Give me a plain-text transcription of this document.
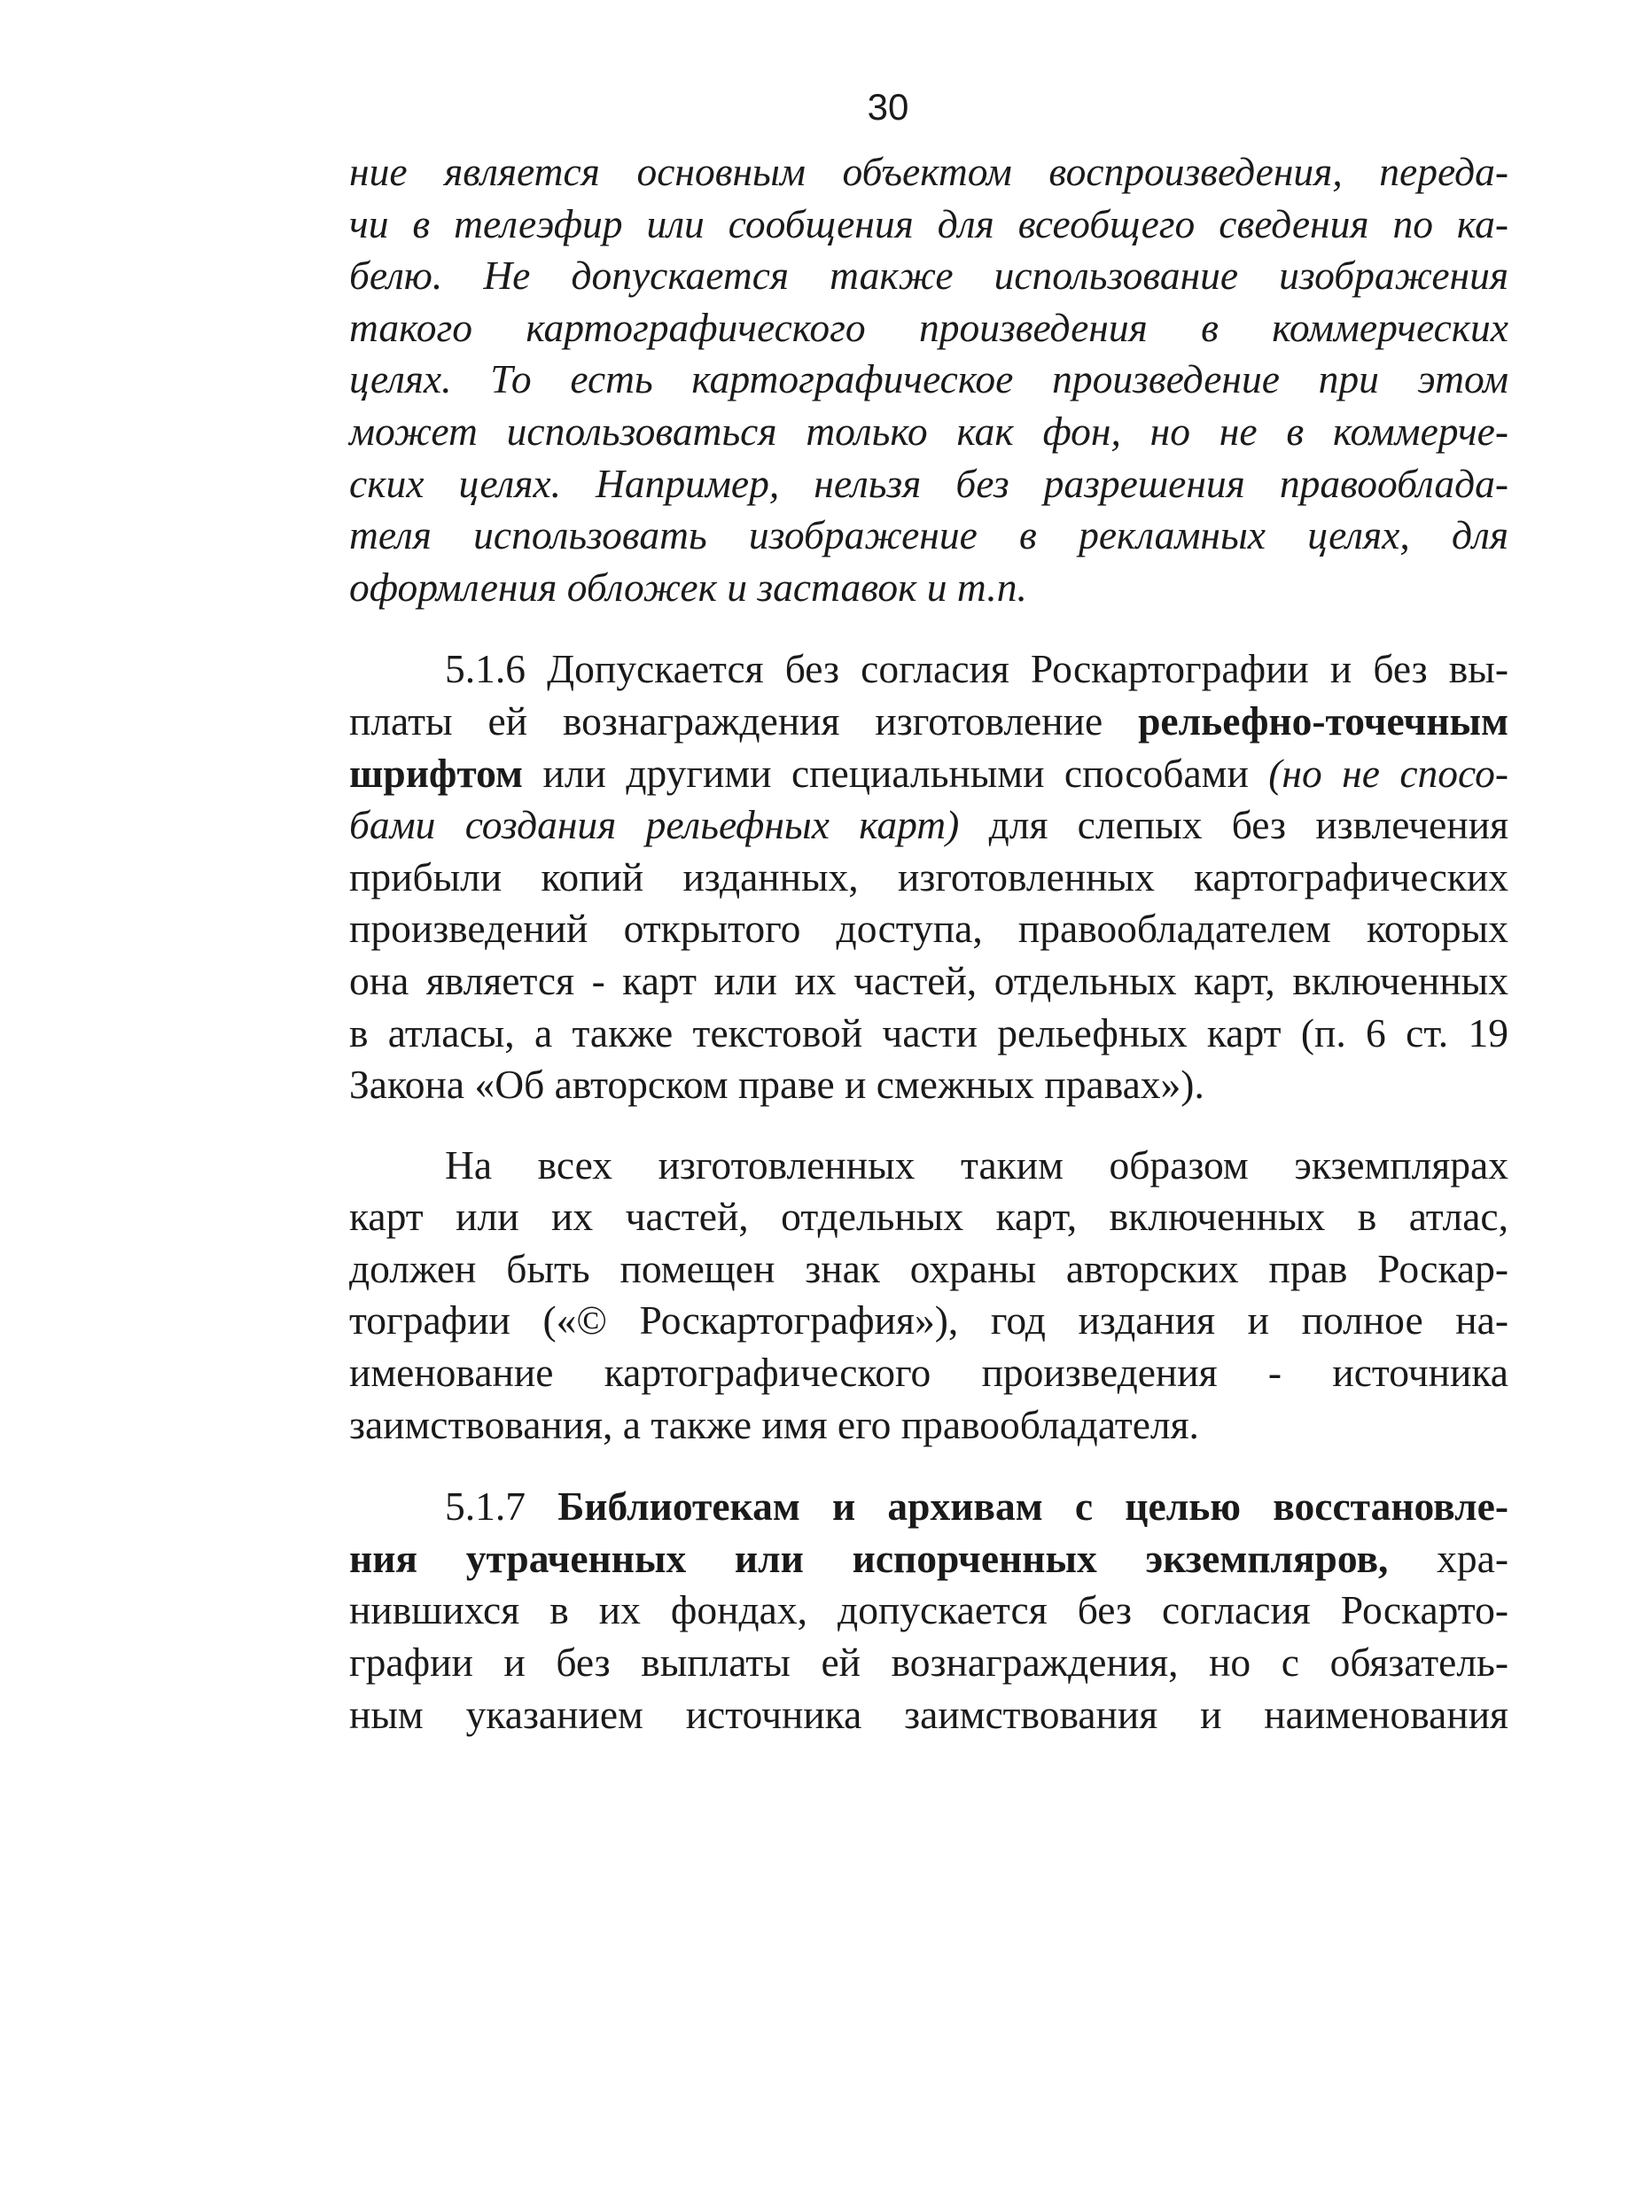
30

ние является основным объектом воспроизведения, переда-
чи в телеэфир или сообщения для всеобщего сведения по ка-
белю. Не допускается также использование изображения
такого картографического произведения в коммерческих
целях. То есть картографическое произведение при этом
может использоваться только как фон, но не в коммерче-
ских целях. Например, нельзя без разрешения правооблада-
теля использовать изображение в рекламных целях, для
оформления обложек и заставок и т.п.

5.1.6 Допускается без согласия Роскартографии и без вы-
платы ей вознаграждения изготовление рельефно-точечным
шрифтом или другими специальными способами (но не спосо-
бами создания рельефных карт) для слепых без извлечения
прибыли копий изданных, изготовленных картографических
произведений открытого доступа, правообладателем которых
она является - карт или их частей, отдельных карт, включенных
в атласы, а также текстовой части рельефных карт (п. 6 ст. 19
Закона «Об авторском праве и смежных правах»).

На всех изготовленных таким образом экземплярах
карт или их частей, отдельных карт, включенных в атлас,
должен быть помещен знак охраны авторских прав Роскар-
тографии («© Роскартография»), год издания и полное на-
именование картографического произведения - источника
заимствования, а также имя его правообладателя.

5.1.7 Библиотекам и архивам с целью восстановле-
ния утраченных или испорченных экземпляров, хра-
нившихся в их фондах, допускается без согласия Роскарто-
графии и без выплаты ей вознаграждения, но с обязатель-
ным указанием источника заимствования и наименования
